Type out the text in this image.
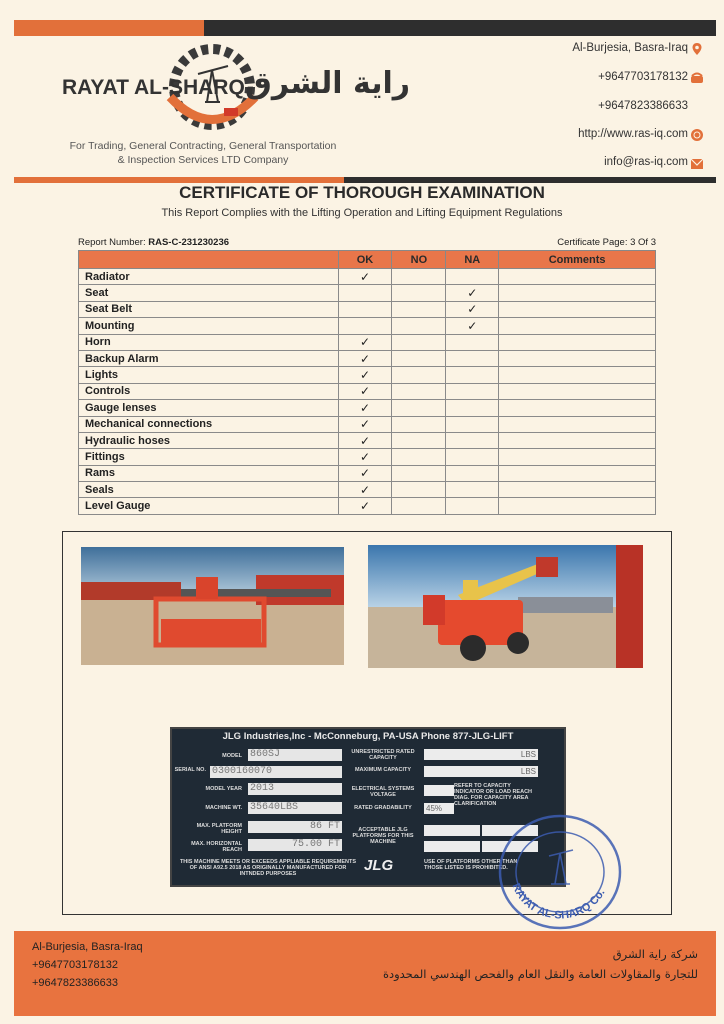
RAYAT AL-SHARQ راية الشرق
For Trading, General Contracting, General Transportation
& Inspection Services LTD Company
Al-Burjesia, Basra-Iraq
+9647703178132
+9647823386633
http://www.ras-iq.com
info@ras-iq.com
CERTIFICATE OF THOROUGH EXAMINATION
This Report Complies with the Lifting Operation and Lifting Equipment Regulations
Report Number: RAS-C-231230236	Certificate Page: 3 Of 3
	OK	NO	NA	Comments
Radiator	✓			
Seat			✓	
Seat Belt			✓	
Mounting			✓	
Horn	✓			
Backup Alarm	✓			
Lights	✓			
Controls	✓			
Gauge lenses	✓			
Mechanical connections	✓			
Hydraulic hoses	✓			
Fittings	✓			
Rams	✓			
Seals	✓			
Level Gauge	✓			
JLG Industries,Inc - McConneburg, PA-USA Phone 877-JLG-LIFT
MODEL 860SJ
SERIAL NO. 0300160070
MODEL YEAR 2013
MACHINE WT. 35640LBS
MAX. PLATFORM HEIGHT	86 FT
MAX. HORIZONTAL REACH	75.00 FT
THIS MACHINE MEETS OR EXCEEDS APPLIABLE REQUIREMENTS OF ANSI A92.5 2018 AS ORIGINALLY MANUFACTURED FOR INTNDED PURPOSES
UNRESTRICTED RATED CAPACITY	LBS
MAXIMUM CAPACITY	LBS
ELECTRICAL SYSTEMS VOLTAGE
REFER TO CAPACITY INDICATOR OR LOAD REACH DIAG. FOR CAPACITY AREA CLARIFICATION
RATED GRADABILITY	45%
ACCEPTABLE JLG PLATFORMS FOR THIS MACHINE
JLG	USE OF PLATFORMS OTHER THAN THOSE LISTED IS PROHIBITED.
RAYAT AL-SHARQ Co.
Al-Burjesia, Basra-Iraq
+9647703178132
+9647823386633
شركة راية الشرق
للتجارة والمقاولات العامة والنقل العام والفحص الهندسي المحدودة
